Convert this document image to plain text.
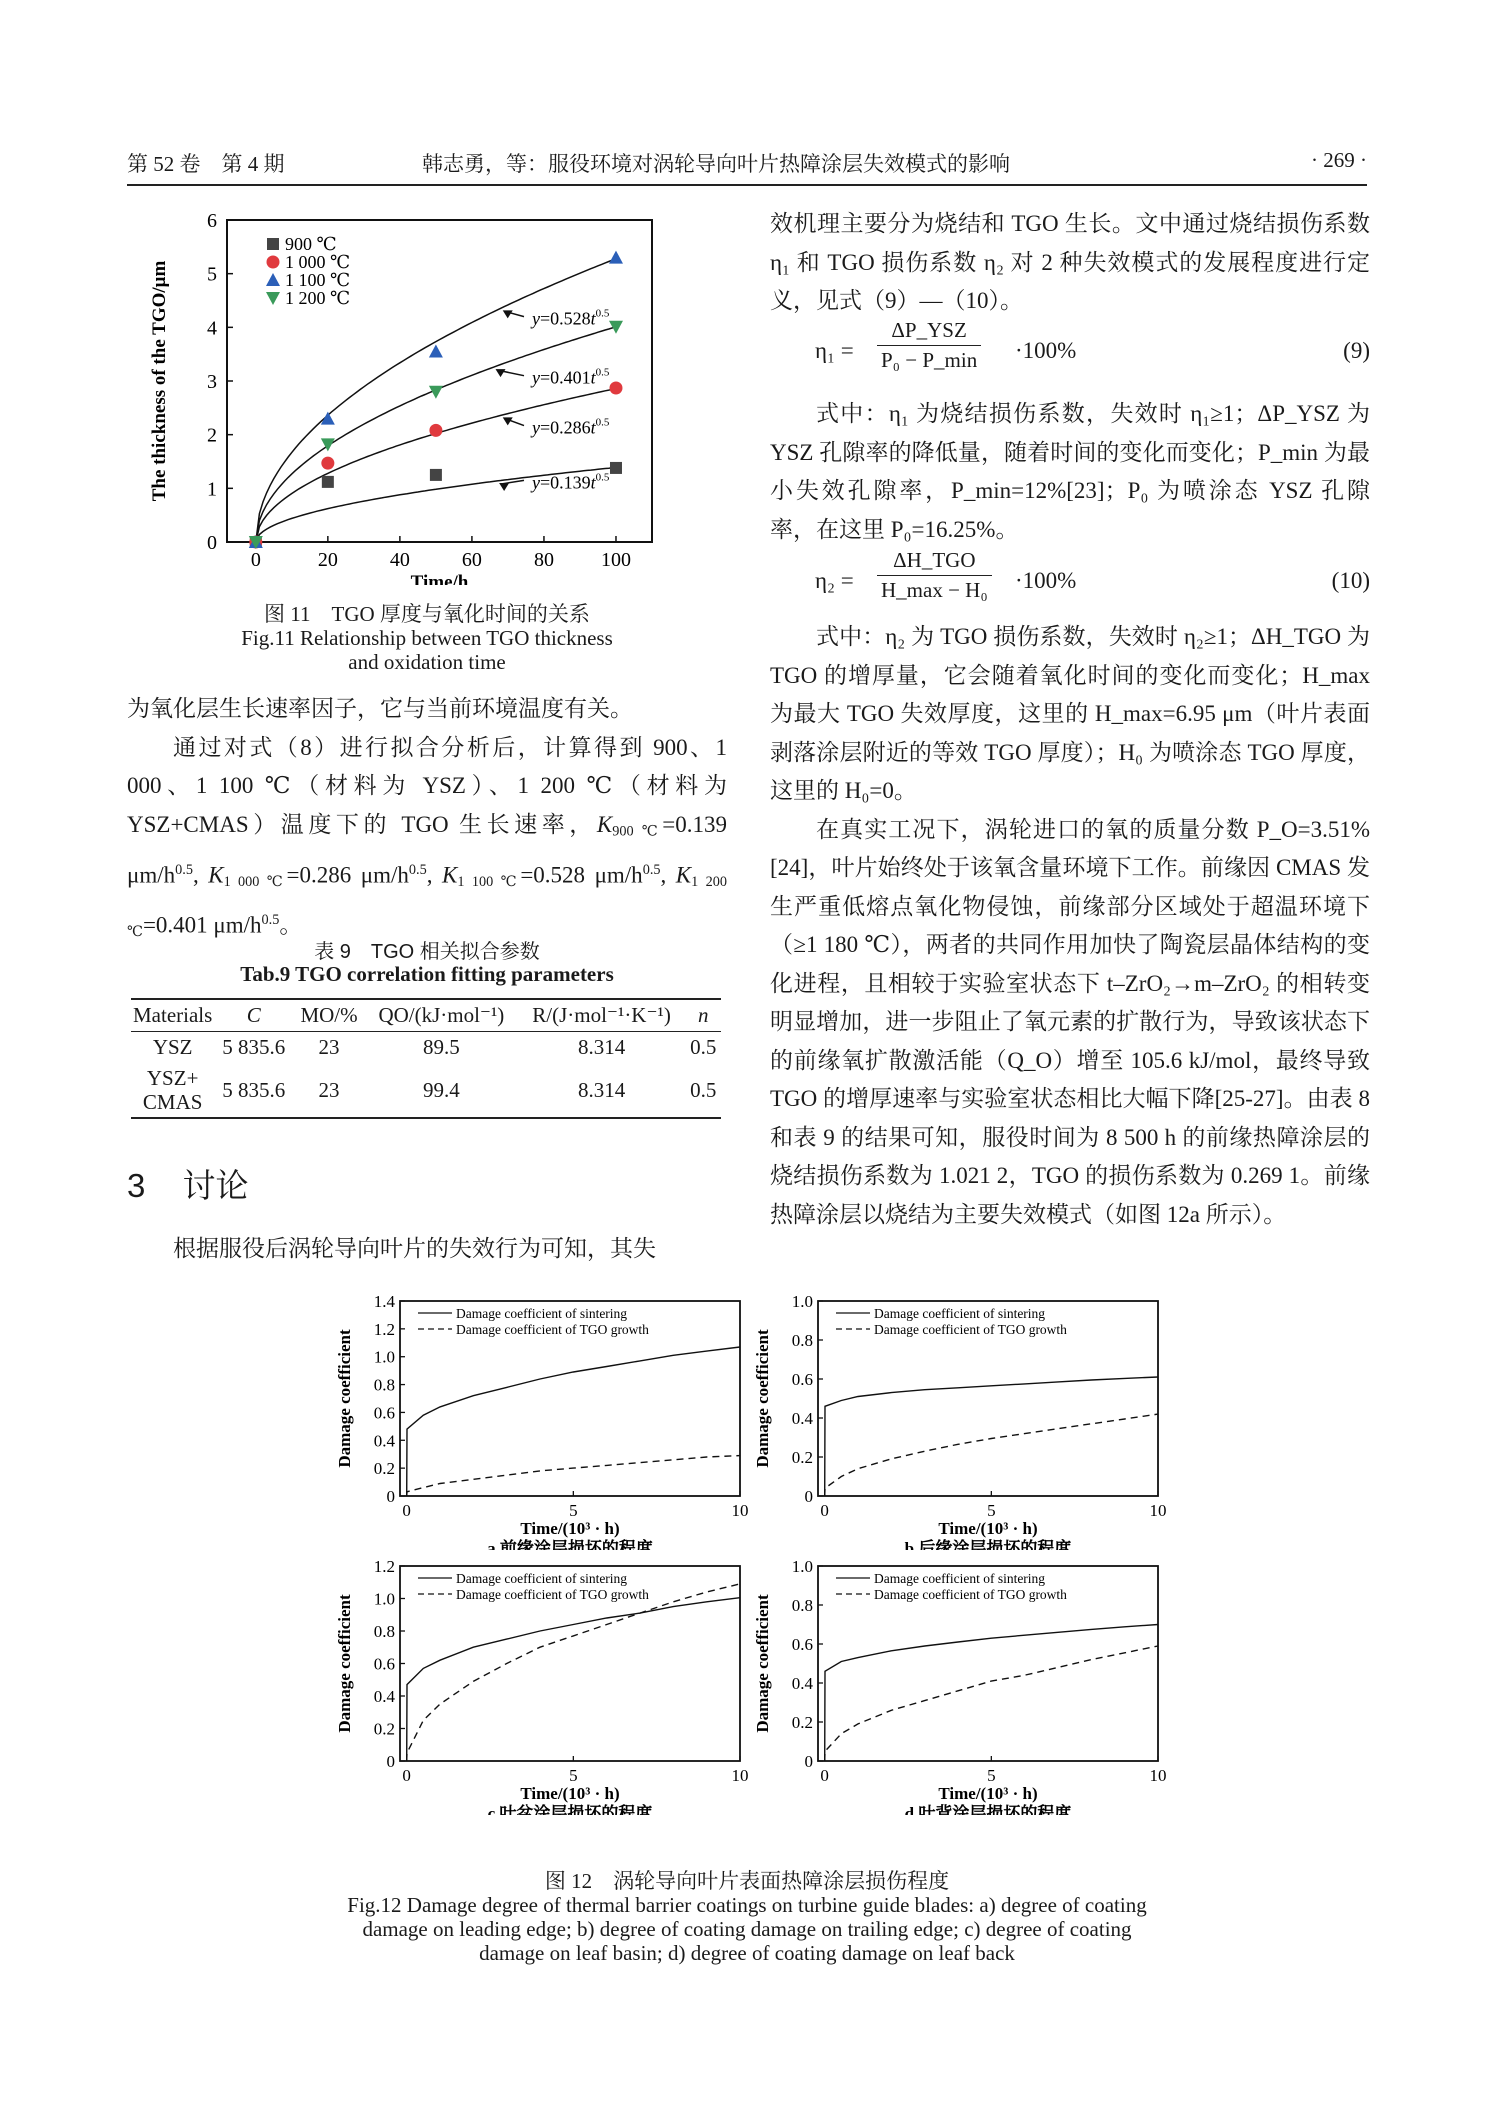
第 52 卷　第 4 期	韩志勇，等：服役环境对涡轮导向叶片热障涂层失效模式的影响	· 269 ·
0
1
2
3
4
5
6
0	20	40	60	80 100
Time/h
The thickness of the TGO/μm
900 ℃
1 000 ℃
1 100 ℃
1 200 ℃
$y=0.528t^{0.5}$
$y=0.401t^{0.5}$
$y=0.286t^{0.5}$
$y=0.139t^{0.5}$
图 11　TGO 厚度与氧化时间的关系
Fig.11 Relationship between TGO thickness
and oxidation time

为氧化层生长速率因子，它与当前环境温度有关。

通过对式（8）进行拟合分析后，计算得到 900、1 000、1 100 ℃（材料为 YSZ）、1 200 ℃（材料为 YSZ+CMAS）温度下的 TGO 生长速率，$K_{900 ℃}=0.139$ $\mu m/h^{0.5}$, $K_{1 000 ℃}=0.286$ $\mu m/h^{0.5}$, $K_{1 100 ℃}=0.528$ $\mu m/h^{0.5}$, $K_{1 200 ℃}=0.401$ $\mu m/h^{0.5}$。

表 9　TGO 相关拟合参数
Tab.9 TGO correlation fitting parameters
Materials	C	MO/%	QO/(kJ·mol⁻¹)	R/(J·mol⁻¹·K⁻¹)	n
YSZ	5 835.6	23	89.5	8.314	0.5
YSZ+ CMAS	5 835.6	23	99.4	8.314	0.5
3 讨论

根据服役后涡轮导向叶片的失效行为可知，其失

效机理主要分为烧结和 TGO 生长。文中通过烧结损伤系数 η₁ 和 TGO 损伤系数 η₂ 对 2 种失效模式的发展程度进行定义，见式（9）—（10）。

η₁ =
ΔP_YSZ
P₀ − P_min ·100%	(9)

式中：η₁ 为烧结损伤系数，失效时 η₁≥1；ΔP_YSZ 为 YSZ 孔隙率的降低量，随着时间的变化而变化；P_min 为最小失效孔隙率，P_min=12%[23]；P₀ 为喷涂态 YSZ 孔隙率，在这里 P₀=16.25%。

η₂ =
ΔH_TGO
H_max − H₀ ·100%	(10)

式中：η₂ 为 TGO 损伤系数，失效时 η₂≥1；ΔH_TGO 为 TGO 的增厚量，它会随着氧化时间的变化而变化；H_max 为最大 TGO 失效厚度，这里的 H_max=6.95 μm（叶片表面剥落涂层附近的等效 TGO 厚度）；H₀ 为喷涂态 TGO 厚度，这里的 H₀=0。

在真实工况下，涡轮进口的氧的质量分数 P_O=3.51%[24]，叶片始终处于该氧含量环境下工作。前缘因 CMAS 发生严重低熔点氧化物侵蚀，前缘部分区域处于超温环境下（≥1 180 ℃），两者的共同作用加快了陶瓷层晶体结构的变化进程，且相较于实验室状态下 t–ZrO₂→m–ZrO₂ 的相转变明显增加，进一步阻止了氧元素的扩散行为，导致该状态下的前缘氧扩散激活能（Q_O）增至 105.6 kJ/mol，最终导致 TGO 的增厚速率与实验室状态相比大幅下降[25-27]。由表 8 和表 9 的结果可知，服役时间为 8 500 h 的前缘热障涂层的烧结损伤系数为 1.021 2，TGO 的损伤系数为 0.269 1。前缘热障涂层以烧结为主要失效模式（如图 12a 所示）。

0
0.2
0.4
0.6
0.8
1.0
1.2
1.4
0	5	10
Time/(10³ · h)
Damage coefficient
a 前缘涂层损坏的程度
Damage coefficient of sintering
Damage coefficient of TGO growth
0
0.2
0.4
0.6
0.8
1.0
0	5	10
Time/(10³ · h)
Damage coefficient
b 后缘涂层损坏的程度
Damage coefficient of sintering
Damage coefficient of TGO growth
0
0.2
0.4
0.6
0.8
1.0
1.2
0	5	10
Time/(10³ · h)
Damage coefficient
c 叶盆涂层损坏的程度
Damage coefficient of sintering
Damage coefficient of TGO growth
0
0.2
0.4
0.6
0.8
1.0
0	5	10
Time/(10³ · h)
Damage coefficient
d 叶背涂层损坏的程度
Damage coefficient of sintering
Damage coefficient of TGO growth
图 12　涡轮导向叶片表面热障涂层损伤程度
Fig.12 Damage degree of thermal barrier coatings on turbine guide blades: a) degree of coating
damage on leading edge; b) degree of coating damage on trailing edge; c) degree of coating
damage on leaf basin; d) degree of coating damage on leaf back
